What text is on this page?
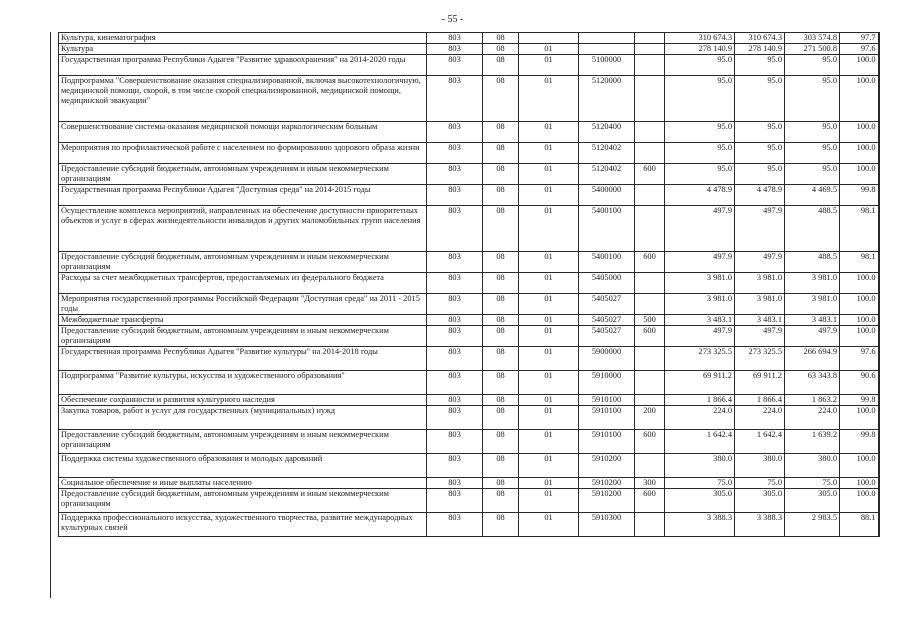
- 55 -
Культура, кинематография	803	08				310 674.3	310 674.3	303 574.8	97.7
Культура	803	08	01			278 140.9	278 140.9	271 500.8	97.6
Государственная программа Республики Адыгея "Развитие здравоохранения" на 2014-2020 годы	803	08	01	5100000		95.0	95.0	95.0	100.0
Подпрограмма "Совершенствование оказания специализированной, включая высокотехнологичную, медицинской помощи, скорой, в том числе скорой специализированной, медицинской помощи, медицинской эвакуации"	803	08	01	5120000		95.0	95.0	95.0	100.0
Совершенствование системы оказания медицинской помощи наркологическим больным	803	08	01	5120400		95.0	95.0	95.0	100.0
Мероприятия по профилактической работе с населением по формированию здорового образа жизни	803	08	01	5120402		95.0	95.0	95.0	100.0
Предоставление субсидий бюджетным, автономным учреждениям и иным некоммерческим организациям	803	08	01	5120402	600	95.0	95.0	95.0	100.0
Государственная программа Республики Адыгея "Доступная среда" на 2014-2015 годы	803	08	01	5400000		4 478.9	4 478.9	4 469.5	99.8
Осуществление комплекса мероприятий, направленных на обеспечение доступности приоритетных объектов и услуг в сферах жизнедеятельности инвалидов и других маломобильных групп населения	803	08	01	5400100		497.9	497.9	488.5	98.1
Предоставление субсидий бюджетным, автономным учреждениям и иным некоммерческим организациям	803	08	01	5400100	600	497.9	497.9	488.5	98.1
Расходы за счет межбюджетных трансфертов, предоставляемых из федерального бюджета	803	08	01	5405000		3 981.0	3 981.0	3 981.0	100.0
Мероприятия государственной программы Российской Федерации "Доступная среда" на 2011 - 2015 годы	803	08	01	5405027		3 981.0	3 981.0	3 981.0	100.0
Межбюджетные трансферты	803	08	01	5405027	500	3 483.1	3 483.1	3 483.1	100.0
Предоставление субсидий бюджетным, автономным учреждениям и иным некоммерческим организациям	803	08	01	5405027	600	497.9	497.9	497.9	100.0
Государственная программа Республики Адыгея "Развитие культуры" на 2014-2018 годы	803	08	01	5900000		273 325.5	273 325.5	266 694.9	97.6
Подпрограмма "Развитие культуры, искусства и художественного образования"	803	08	01	5910000		69 911.2	69 911.2	63 343.8	90.6
Обеспечение сохранности и развития культурного наследия	803	08	01	5910100		1 866.4	1 866.4	1 863.2	99.8
Закупка товаров, работ и услуг для государственных (муниципальных) нужд	803	08	01	5910100	200	224.0	224.0	224.0	100.0
Предоставление субсидий бюджетным, автономным учреждениям и иным некоммерческим организациям	803	08	01	5910100	600	1 642.4	1 642.4	1 639.2	99.8
Поддержка системы художественного образования и молодых дарований	803	08	01	5910200		380.0	380.0	380.0	100.0
Социальное обеспечение и иные выплаты населению	803	08	01	5910200	300	75.0	75.0	75.0	100.0
Предоставление субсидий бюджетным, автономным учреждениям и иным некоммерческим организациям	803	08	01	5910200	600	305.0	305.0	305.0	100.0
Поддержка профессионального искусства, художественного творчества, развитие международных культурных связей	803	08	01	5910300		3 388.3	3 388.3	2 983.5	88.1
